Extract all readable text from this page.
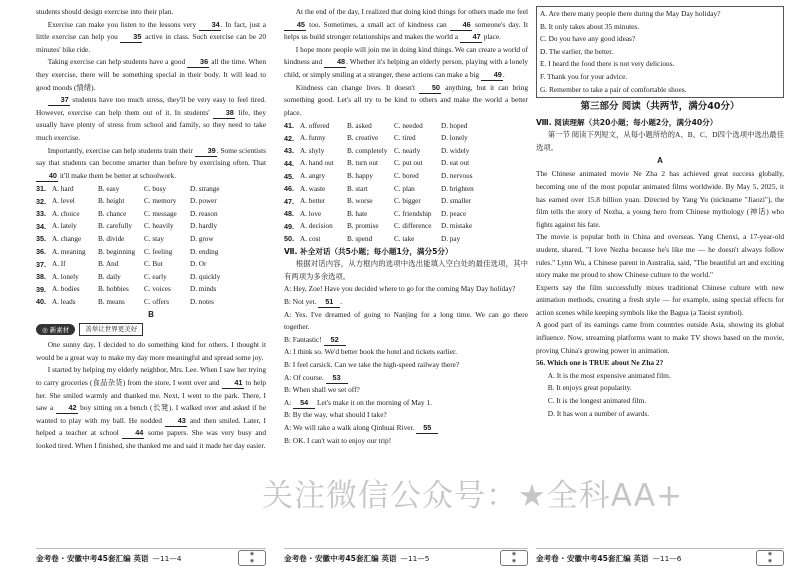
students should design exercise into their plan.

Exercise can make you listen to the lessons very 34. In fact, just a little exercise can help you 35 active in class. Such exercise can be 20 minutes' bike ride.

Taking exercise can help students have a good 36 all the time. When they exercise, there will be something special in their body. It will lead to good moods (情绪).

37 students have too much stress, they'll be very easy to feel tired. However, exercise can help them out of it. In students' 38 life, they usually have plenty of stress from school and family, so they need to take much exercise.

Importantly, exercise can help students train their 39. Some scientists say that students can become smarter than before by exercising often. That 40 it'll make them be better at schoolwork.

31.	A. hard	B. easy	C. busy	D. strange
32.	A. level	B. height	C. memory	D. power
33.	A. choice	B. chance	C. message	D. reason
34.	A. lately	B. carefully	C. heavily	D. hardly
35.	A. change	B. divide	C. stay	D. grow
36.	A. meaning	B. beginning	C. feeling	D. ending
37.	A. If	B. And	C. But	D. Or
38.	A. lonely	B. daily	C. early	D. quickly
39.	A. bodies	B. hobbies	C. voices	D. minds
40.	A. leads	B. means	C. offers	D. notes
B
◎ 新素材	善举让世界更美好

One sunny day, I decided to do something kind for others. I thought it would be a great way to make my day more meaningful and spread some joy.

I started by helping my elderly neighbor, Mrs. Lee. When I saw her trying to carry groceries (食品杂货) from the store, I went over and 41 to help her. She smiled warmly and thanked me. Next, I went to the park. There, I saw a 42 boy sitting on a bench (长凳). I walked over and asked if he wanted to play with my ball. He nodded 43 and then smiled. Later, I helped a teacher at school 44 some papers. She was very busy and looked tired. When I finished, she thanked me and said it made her day easier.

金考卷 · 安徽中考45套汇编 英语 —11—4	◉
◉

At the end of the day, I realized that doing kind things for others made me feel 45 too. Sometimes, a small act of kindness can 46 someone's day. It helps us build stronger relationships and makes the world a 47 place.

I hope more people will join me in doing kind things. We can create a world of kindness and 48. Whether it's helping an elderly person, playing with a lonely child, or simply smiling at a stranger, these actions can make a big 49.

Kindness can change lives. It doesn't 50 anything, but it can bring something good. Let's all try to be kind to others and make the world a better place.

41.	A. offered	B. asked	C. needed	D. hoped
42.	A. funny	B. creative	C. tired	D. lonely
43.	A. shyly	B. completely	C. nearly	D. widely
44.	A. hand out	B. turn out	C. put out	D. eat out
45.	A. angry	B. happy	C. bored	D. nervous
46.	A. waste	B. start	C. plan	D. brighten
47.	A. better	B. worse	C. bigger	D. smaller
48.	A. love	B. hate	C. friendship	D. peace
49.	A. decision	B. promise	C. difference	D. mistake
50.	A. cost	B. spend	C. take	D. pay
Ⅶ. 补全对话（共5小题；每小题1分，满分5分）

根据对话内容，从方框内的选项中选出能填入空白处的最佳选项，其中有两项为多余选项。

A: Hey, Zoe! Have you decided where to go for the coming May Day holiday?

B: Not yet. 51 .

A: Yes. I've dreamed of going to Nanjing for a long time. We can go there together.

B: Fantastic! 52

A: I think so. We'd better book the hotel and tickets earlier.

B: I feel carsick. Can we take the high-speed railway there?

A: Of course. 53

B: When shall we set off?

A: 54 Let's make it on the morning of May 1.

B: By the way, what should I take?

A: We will take a walk along Qinhuai River. 55

B: OK. I can't wait to enjoy our trip!

金考卷 · 安徽中考45套汇编 英语 —11—5	◉
◉

A. Are there many people there during the May Day holiday?

B. It only takes about 35 minutes.

C. Do you have any good ideas?

D. The earlier, the better.

E. I heard the food there is not very delicious.

F. Thank you for your advice.

G. Remember to take a pair of comfortable shoes.

第三部分 阅读（共两节，满分40分）
Ⅷ. 阅读理解（共20小题；每小题2分，满分40分）

第一节 阅读下列短文，从每小题所给的A、B、C、D四个选项中选出最佳选项。

A

The Chinese animated movie Ne Zha 2 has achieved great success globally, becoming one of the most popular animated films worldwide. By May 5, 2025, it has earned over 15.8 billion yuan. Directed by Yang Yu (nickname "Jiaozi"), the film tells the story of Nezha, a young hero from Chinese mythology (神话) who fights against his fate.

The movie is popular both in China and overseas. Yang Chenxi, a 17-year-old student, shared, "I love Nezha because he's like me — he doesn't always follow rules." Lynn Wu, a Chinese parent in Australia, said, "The beautiful art and exciting story make me proud to show Chinese culture to the world."

Experts say the film successfully mixes traditional Chinese culture with new animation methods, creating a fresh style — for example, using special effects for action scenes while keeping symbols like the Bagua (a Taoist symbol).

A good part of its earnings came from countries outside Asia, showing its global influence. Now, streaming platforms want to make TV shows based on the movie, proving China's growing power in animation.

56. Which one is TRUE about Ne Zha 2?

A. It is the most expensive animated film.

B. It enjoys great popularity.

C. It is the longest animated film.

D. It has won a number of awards.

金考卷 · 安徽中考45套汇编 英语 —11—6	◉
◉
关注微信公众号：★全科AA+
